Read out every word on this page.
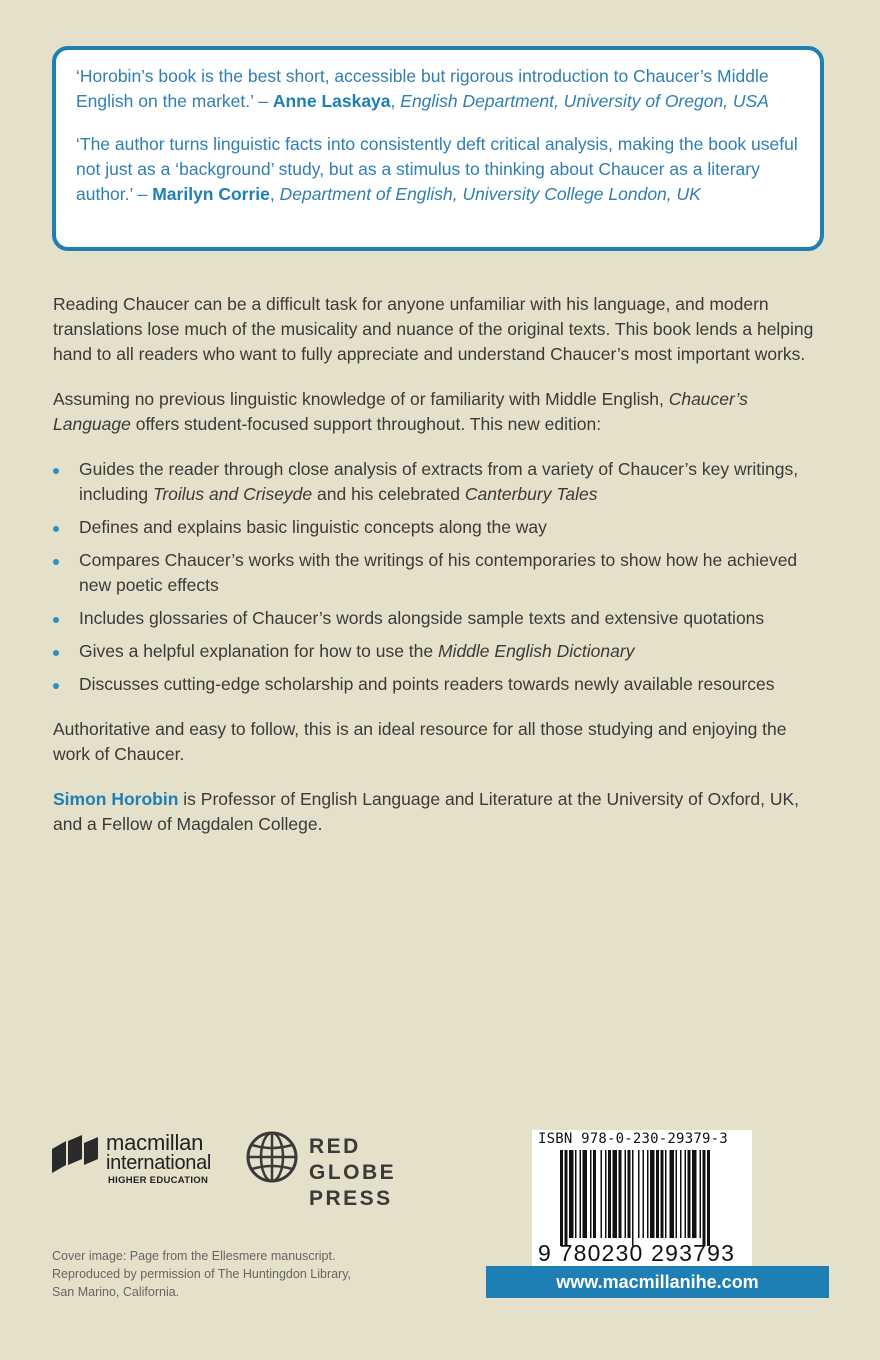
‘Horobin’s book is the best short, accessible but rigorous introduction to Chaucer’s Middle English on the market.’ – Anne Laskaya, English Department, University of Oregon, USA

‘The author turns linguistic facts into consistently deft critical analysis, making the book useful not just as a ‘background’ study, but as a stimulus to thinking about Chaucer as a literary author.’ – Marilyn Corrie, Department of English, University College London, UK

Reading Chaucer can be a difficult task for anyone unfamiliar with his language, and modern translations lose much of the musicality and nuance of the original texts. This book lends a helping hand to all readers who want to fully appreciate and understand Chaucer’s most important works.

Assuming no previous linguistic knowledge of or familiarity with Middle English, Chaucer’s Language offers student-focused support throughout. This new edition:

Guides the reader through close analysis of extracts from a variety of Chaucer’s key writings, including Troilus and Criseyde and his celebrated Canterbury Tales
Defines and explains basic linguistic concepts along the way
Compares Chaucer’s works with the writings of his contemporaries to show how he achieved new poetic effects
Includes glossaries of Chaucer’s words alongside sample texts and extensive quotations
Gives a helpful explanation for how to use the Middle English Dictionary
Discusses cutting-edge scholarship and points readers towards newly available resources

Authoritative and easy to follow, this is an ideal resource for all those studying and enjoying the work of Chaucer.

Simon Horobin is Professor of English Language and Literature at the University of Oxford, UK, and a Fellow of Magdalen College.

macmillan
international
HIGHER EDUCATION
RED GLOBE
PRESS
Cover image: Page from the Ellesmere manuscript.
Reproduced by permission of The Huntingdon Library,
San Marino, California.
ISBN 978-0-230-29379-3
9 780230 293793
www.macmillanihe.com
